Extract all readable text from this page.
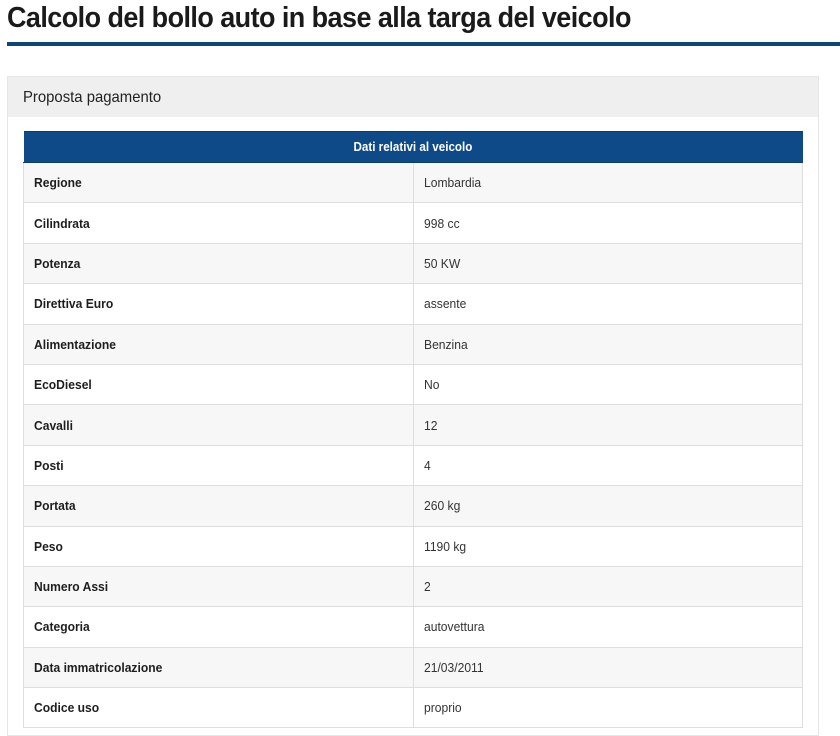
Calcolo del bollo auto in base alla targa del veicolo
Proposta pagamento
Dati relativi al veicolo	
Regione	Lombardia
Cilindrata	998 cc
Potenza	50 KW
Direttiva Euro	assente
Alimentazione	Benzina
EcoDiesel	No
Cavalli	12
Posti	4
Portata	260 kg
Peso	1190 kg
Numero Assi	2
Categoria	autovettura
Data immatricolazione	21/03/2011
Codice uso	proprio
